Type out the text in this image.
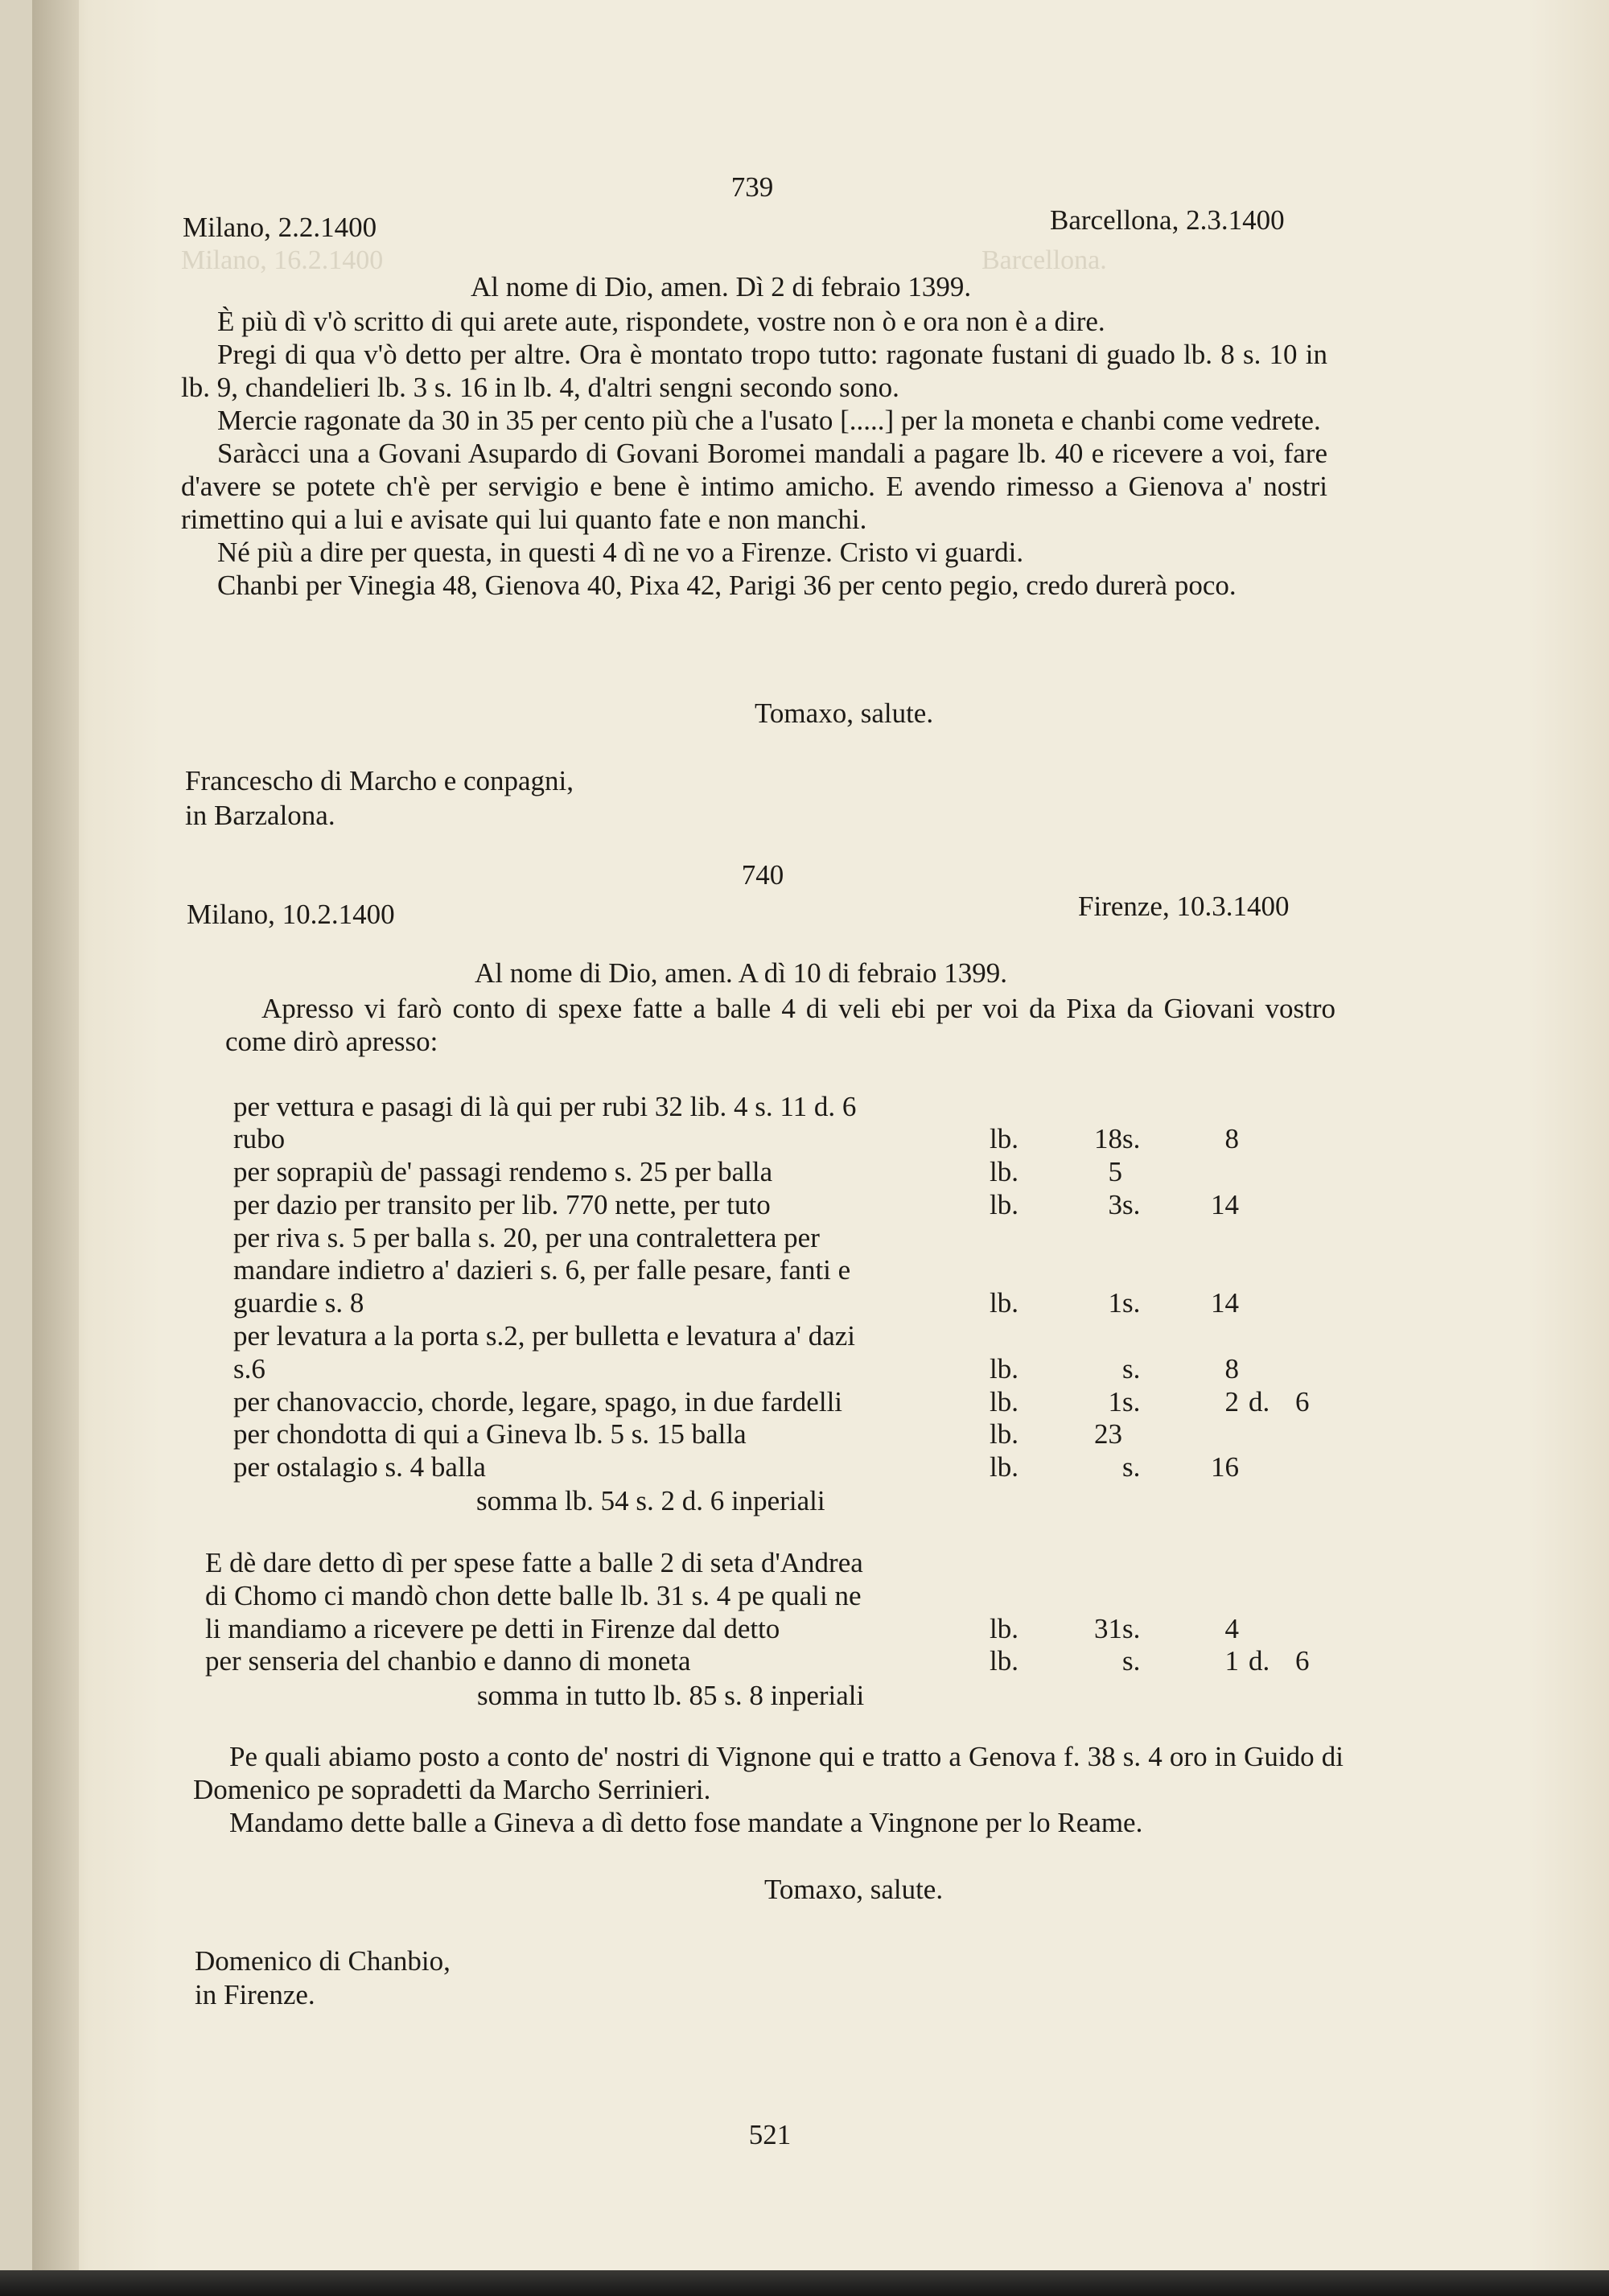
Barcellona.
Milano, 16.2.1400
739
Milano, 2.2.1400	Barcellona, 2.3.1400
Al nome di Dio, amen. Dì 2 di febraio 1399.

È più dì v'ò scritto di qui arete aute, rispondete, vostre non ò e ora non è a dire.

Pregi di qua v'ò detto per altre. Ora è montato tropo tutto: ragonate fustani di guado lb. 8 s. 10 in lb. 9, chandelieri lb. 3 s. 16 in lb. 4, d'altri sengni secondo sono.

Mercie ragonate da 30 in 35 per cento più che a l'usato [.....] per la moneta e chanbi come vedrete.

Saràcci una a Govani Asupardo di Govani Boromei mandali a pagare lb. 40 e ricevere a voi, fare d'avere se potete ch'è per servigio e bene è intimo amicho. E avendo rimesso a Gienova a' nostri rimettino qui a lui e avisate qui lui quanto fate e non manchi.

Né più a dire per questa, in questi 4 dì ne vo a Firenze. Cristo vi guardi.

Chanbi per Vinegia 48, Gienova 40, Pixa 42, Parigi 36 per cento pegio, credo durerà poco.

Tomaxo, salute.
Francescho di Marcho e conpagni,
in Barzalona.
740
Milano, 10.2.1400	Firenze, 10.3.1400
Al nome di Dio, amen. A dì 10 di febraio 1399.

Apresso vi farò conto di spexe fatte a balle 4 di veli ebi per voi da Pixa da Giovani vostro come dirò apresso:

per vettura e pasagi di là qui per rubi 32 lib. 4 s. 11 d. 6
rubo	lb.	18 s.	8
per soprapiù de' passagi rendemo s. 25 per balla	lb.	5
per dazio per transito per lib. 770 nette, per tuto	lb.	3 s.	14
per riva s. 5 per balla s. 20, per una contralettera per
mandare indietro a' dazieri s. 6, per falle pesare, fanti e
guardie s. 8	lb.	1 s.	14
per levatura a la porta s.2, per bulletta e levatura a' dazi
s.6	lb.	s.	8
per chanovaccio, chorde, legare, spago, in due fardelli	lb.	1 s.	2 d. 6
per chondotta di qui a Gineva lb. 5 s. 15 balla	lb.	23
per ostalagio s. 4 balla	lb.	s.	16
somma lb. 54 s. 2 d. 6 inperiali
E dè dare detto dì per spese fatte a balle 2 di seta d'Andrea
di Chomo ci mandò chon dette balle lb. 31 s. 4 pe quali ne
li mandiamo a ricevere pe detti in Firenze dal detto	lb.	31 s.	4
per senseria del chanbio e danno di moneta	lb.	s.	1 d. 6
somma in tutto lb. 85 s. 8 inperiali

Pe quali abiamo posto a conto de' nostri di Vignone qui e tratto a Genova f. 38 s. 4 oro in Guido di Domenico pe sopradetti da Marcho Serrinieri.

Mandamo dette balle a Gineva a dì detto fose mandate a Vingnone per lo Reame.

Tomaxo, salute.
Domenico di Chanbio,
in Firenze.
521
